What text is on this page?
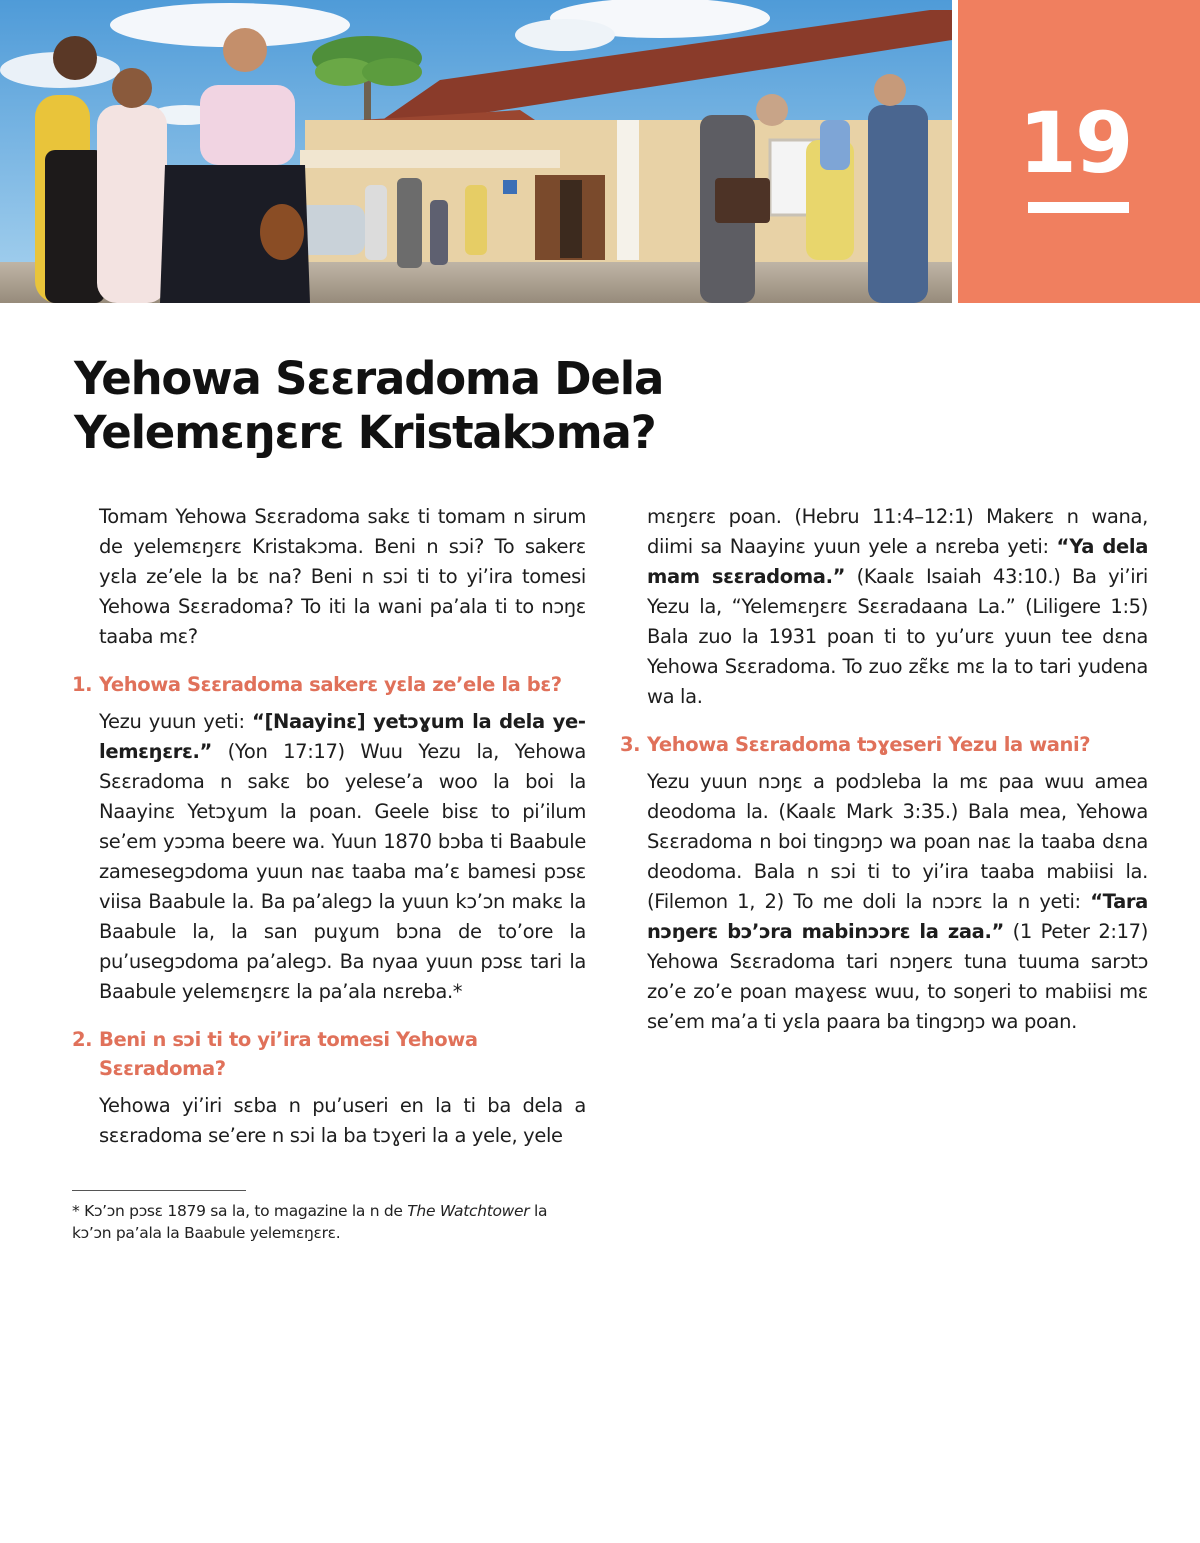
19
Yehowa Sɛɛradoma Dela Yelemɛŋɛrɛ Kristakɔma?

Tomam Yehowa Sɛɛradoma sakɛ ti tomam n sirum de yelemɛŋɛrɛ Kristakɔma. Beni n sɔi? To sakerɛ yɛla ze’ele la bɛ na? Beni n sɔi ti to yi’ira tomesi Yehowa Sɛɛradoma? To iti la wani pa’ala ti to nɔŋɛ taaba mɛ?

1. Yehowa Sɛɛradoma sakerɛ yɛla ze’ele la bɛ?

Yezu yuun yeti: “[Naayinɛ] yetɔɣum la dela yelemɛŋɛrɛ.” (Yon 17:17) Wuu Yezu la, Yehowa Sɛɛradoma n sakɛ bo yelese’a woo la boi la Naayinɛ Yetɔɣum la poan. Geele bisɛ to pi’ilum se’em yɔɔma beere wa. Yuun 1870 bɔba ti Baabule zamesegɔdoma yuun naɛ taaba ma’ɛ bamesi pɔsɛ viisa Baabule la. Ba pa’alegɔ la yuun kɔ’ɔn makɛ la Baabule la, la san puɣum bɔna de to’ore la pu’usegɔdoma pa’alegɔ. Ba nyaa yuun pɔsɛ tari la Baabule yelemɛŋɛrɛ la pa’ala nɛreba.*

2. Beni n sɔi ti to yi’ira tomesi Yehowa Sɛɛradoma?

Yehowa yi’iri sɛba n pu’useri en la ti ba dela a sɛɛradoma se’ere n sɔi la ba tɔɣeri la a yele, yele

* Kɔ’ɔn pɔsɛ 1879 sa la, to magazine la n de The Watchtower la kɔ’ɔn pa’ala la Baabule yelemɛŋɛrɛ.

mɛŋɛrɛ poan. (Hebru 11:4–12:1) Makerɛ n wana, diimi sa Naayinɛ yuun yele a nɛreba yeti: “Ya dela mam sɛɛradoma.” (Kaalɛ Isaiah 43:10.) Ba yi’iri Yezu la, “Yelemɛŋɛrɛ Sɛɛradaana La.” (Liligere 1:5) Bala zuo la 1931 poan ti to yu’urɛ yuun tee dɛna Yehowa Sɛɛradoma. To zuo zɛ̃kɛ mɛ la to tari yudena wa la.

3. Yehowa Sɛɛradoma tɔɣeseri Yezu la wani?

Yezu yuun nɔŋɛ a podɔleba la mɛ paa wuu amea deodoma la. (Kaalɛ Mark 3:35.) Bala mea, Yehowa Sɛɛradoma n boi tingɔŋɔ wa poan naɛ la taaba dɛna deodoma. Bala n sɔi ti to yi’ira taaba mabiisi la. (Filemon 1, 2) To me doli la nɔɔrɛ la n yeti: “Tara nɔŋerɛ bɔ’ɔra mabinɔɔrɛ la zaa.” (1 Peter 2:17) Yehowa Sɛɛradoma tari nɔŋerɛ tuna tuuma sarɔtɔ zo’e zo’e poan maɣesɛ wuu, to soŋeri to mabiisi mɛ se’em ma’a ti yɛla paara ba tingɔŋɔ wa poan.
